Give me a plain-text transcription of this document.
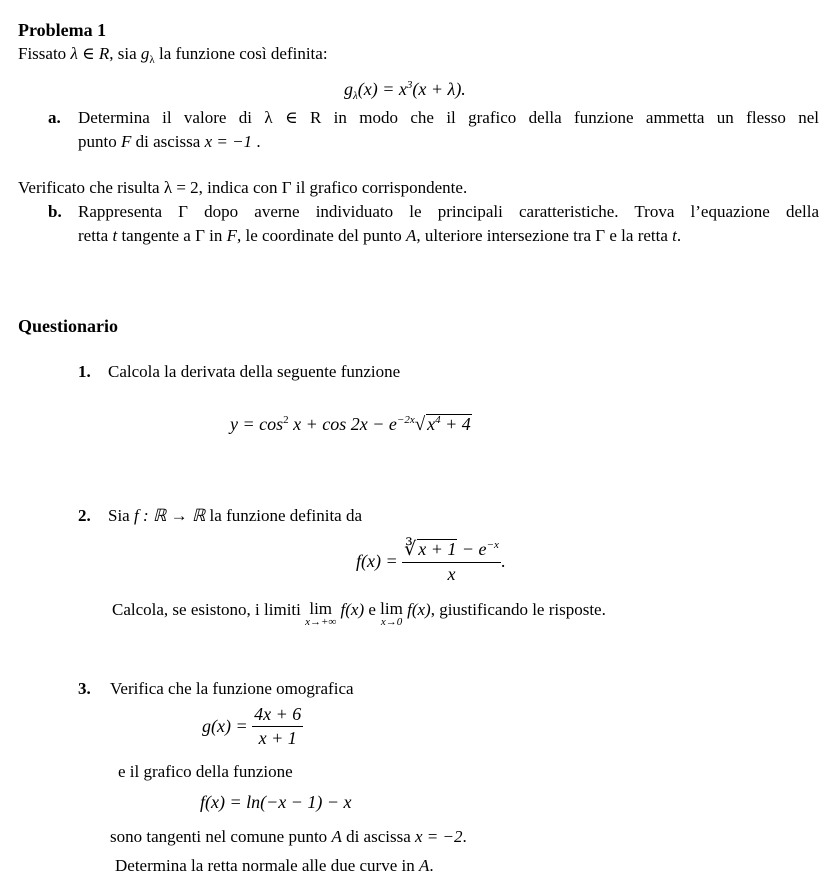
Problema 1
Fissato λ ∈ R, sia $g_\lambda$ la funzione così definita:
$g_\lambda(x) = x^3(x + \lambda)$.
a. Determina il valore di λ ∈ R in modo che il grafico della funzione ammetta un flesso nel
punto F di ascissa x = −1 .
Verificato che risulta λ = 2, indica con Γ il grafico corrispondente.
b. Rappresenta Γ dopo averne individuato le principali caratteristiche. Trova l’equazione della
retta t tangente a Γ in F, le coordinate del punto A, ulteriore intersezione tra Γ e la retta t.
Questionario
1. Calcola la derivata della seguente funzione
$y = \cos^2 x + \cos 2x - e^{-2x}√$ $x^4 + 4$
2. Sia f : ℝ → ℝ la funzione definita da
$f(x) = \frac{∛ x + 1 - e^{-x}}{x}$ .
Calcola, se esistono, i limiti lim
x→+∞
f(x) e lim
x→0
f(x), giustificando le risposte.
3. Verifica che la funzione omografica
$g(x) = \frac{4x + 6}{x + 1}$
e il grafico della funzione
f(x) = ln(−x − 1) − x
sono tangenti nel comune punto A di ascissa x = −2.
Determina la retta normale alle due curve in A.
